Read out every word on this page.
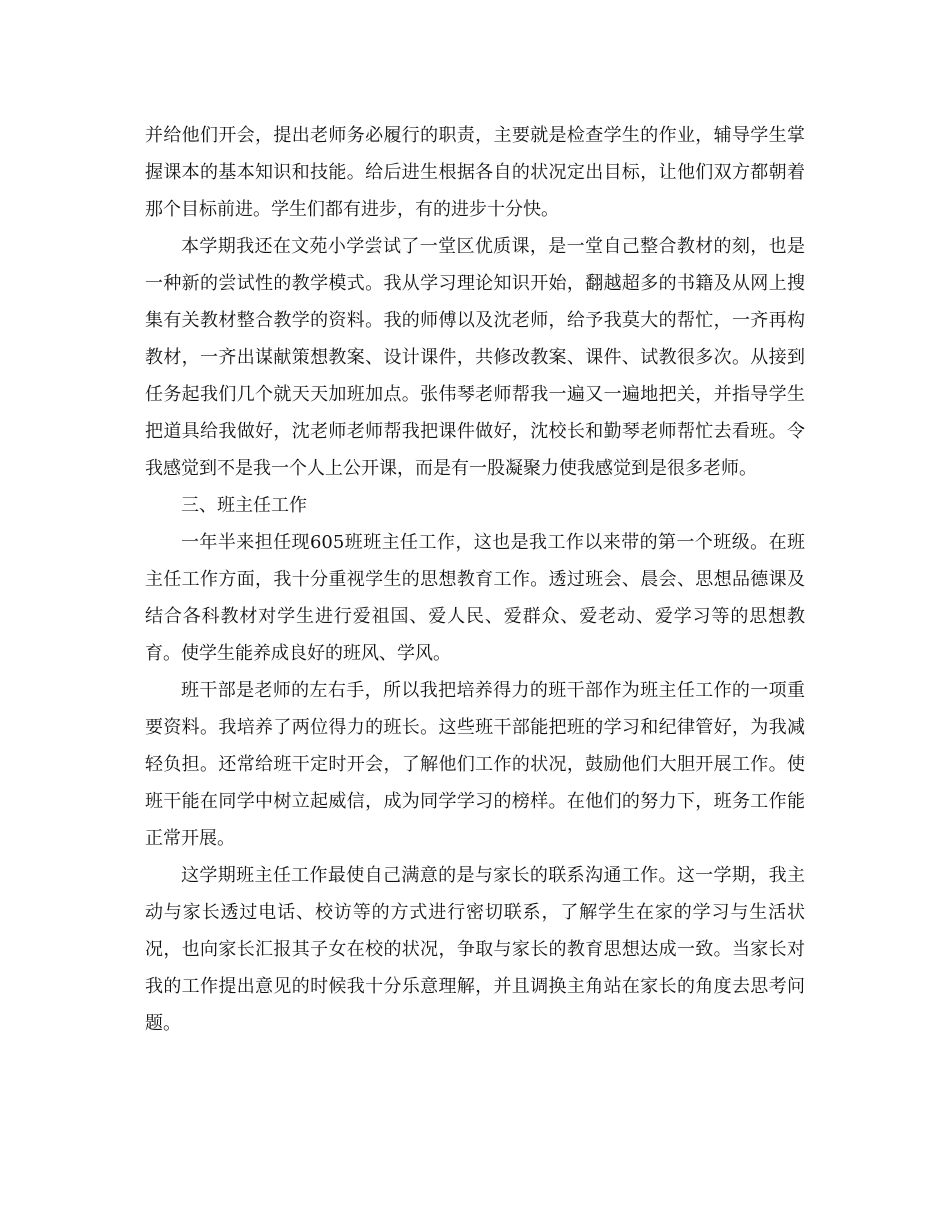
并给他们开会，提出老师务必履行的职责，主要就是检查学生的作业，辅导学生掌握课本的基本知识和技能。给后进生根据各自的状况定出目标，让他们双方都朝着那个目标前进。学生们都有进步，有的进步十分快。

本学期我还在文苑小学尝试了一堂区优质课，是一堂自己整合教材的刻，也是一种新的尝试性的教学模式。我从学习理论知识开始，翻越超多的书籍及从网上搜集有关教材整合教学的资料。我的师傅以及沈老师，给予我莫大的帮忙，一齐再构教材，一齐出谋献策想教案、设计课件，共修改教案、课件、试教很多次。从接到任务起我们几个就天天加班加点。张伟琴老师帮我一遍又一遍地把关，并指导学生把道具给我做好，沈老师老师帮我把课件做好，沈校长和勤琴老师帮忙去看班。令我感觉到不是我一个人上公开课，而是有一股凝聚力使我感觉到是很多老师。

三、班主任工作

一年半来担任现605班班主任工作，这也是我工作以来带的第一个班级。在班主任工作方面，我十分重视学生的思想教育工作。透过班会、晨会、思想品德课及结合各科教材对学生进行爱祖国、爱人民、爱群众、爱老动、爱学习等的思想教育。使学生能养成良好的班风、学风。

班干部是老师的左右手，所以我把培养得力的班干部作为班主任工作的一项重要资料。我培养了两位得力的班长。这些班干部能把班的学习和纪律管好，为我减轻负担。还常给班干定时开会，了解他们工作的状况，鼓励他们大胆开展工作。使班干能在同学中树立起威信，成为同学学习的榜样。在他们的努力下，班务工作能正常开展。

这学期班主任工作最使自己满意的是与家长的联系沟通工作。这一学期，我主动与家长透过电话、校访等的方式进行密切联系，了解学生在家的学习与生活状况，也向家长汇报其子女在校的状况，争取与家长的教育思想达成一致。当家长对我的工作提出意见的时候我十分乐意理解，并且调换主角站在家长的角度去思考问题。
